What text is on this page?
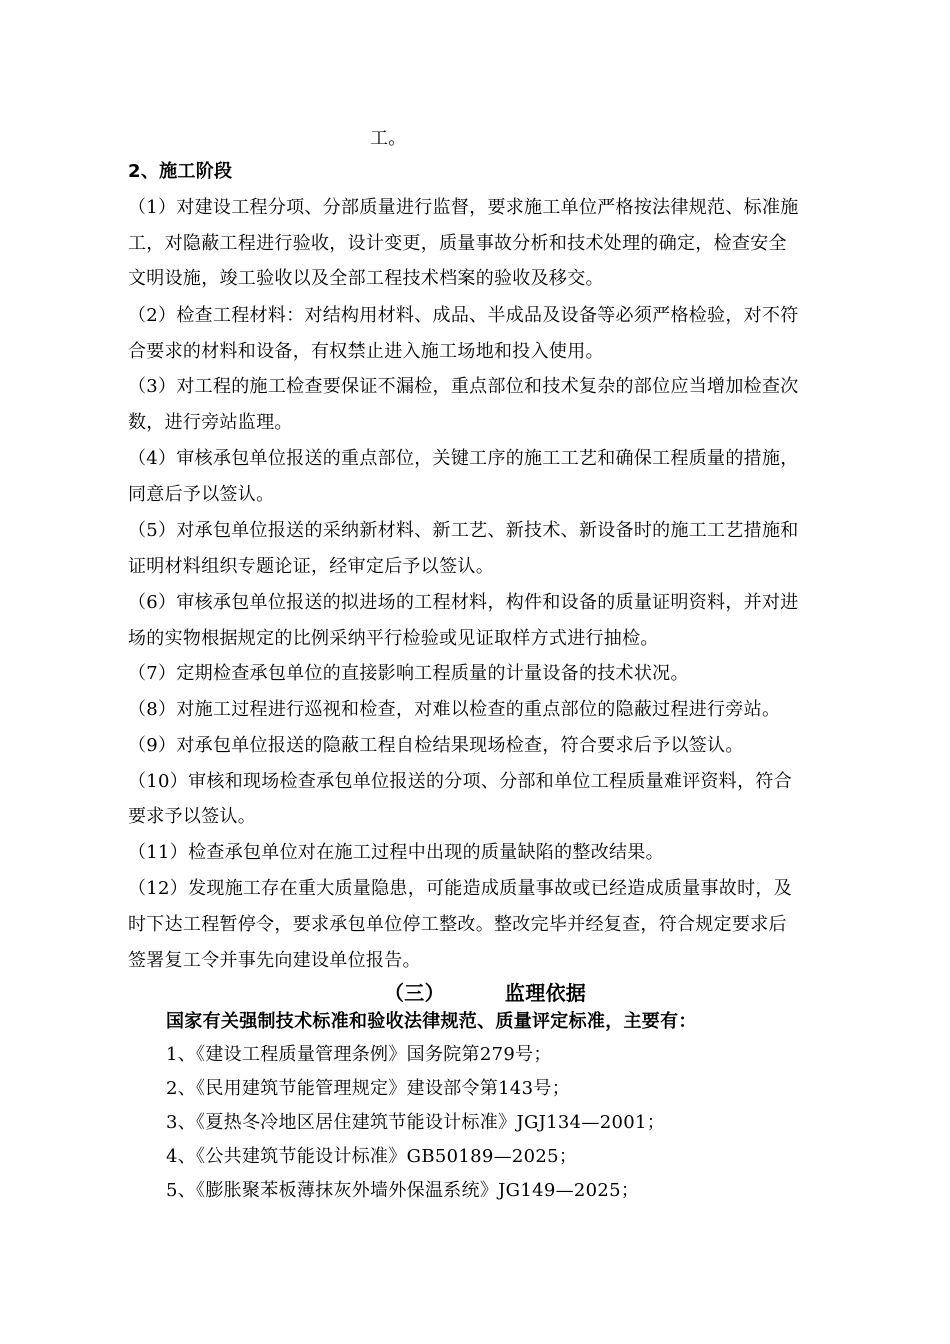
工。
2、施工阶段
（1）对建设工程分项、分部质量进行监督，要求施工单位严格按法律规范、标准施
工，对隐蔽工程进行验收，设计变更，质量事故分析和技术处理的确定，检查安全
文明设施，竣工验收以及全部工程技术档案的验收及移交。
（2）检查工程材料：对结构用材料、成品、半成品及设备等必须严格检验，对不符
合要求的材料和设备，有权禁止进入施工场地和投入使用。
（3）对工程的施工检查要保证不漏检，重点部位和技术复杂的部位应当增加检查次
数，进行旁站监理。
（4）审核承包单位报送的重点部位，关键工序的施工工艺和确保工程质量的措施，
同意后予以签认。
（5）对承包单位报送的采纳新材料、新工艺、新技术、新设备时的施工工艺措施和
证明材料组织专题论证，经审定后予以签认。
（6）审核承包单位报送的拟进场的工程材料，构件和设备的质量证明资料，并对进
场的实物根据规定的比例采纳平行检验或见证取样方式进行抽检。
（7）定期检查承包单位的直接影响工程质量的计量设备的技术状况。
（8）对施工过程进行巡视和检查，对难以检查的重点部位的隐蔽过程进行旁站。
（9）对承包单位报送的隐蔽工程自检结果现场检查，符合要求后予以签认。
（10）审核和现场检查承包单位报送的分项、分部和单位工程质量难评资料，符合
要求予以签认。
（11）检查承包单位对在施工过程中出现的质量缺陷的整改结果。
（12）发现施工存在重大质量隐患，可能造成质量事故或已经造成质量事故时，及
时下达工程暂停令，要求承包单位停工整改。整改完毕并经复查，符合规定要求后
签署复工令并事先向建设单位报告。
（三）	监理依据
国家有关强制技术标准和验收法律规范、质量评定标准，主要有：
1、《建设工程质量管理条例》国务院第279号；
2、《民用建筑节能管理规定》建设部令第143号；
3、《夏热冬冷地区居住建筑节能设计标准》JGJ134—2001；
4、《公共建筑节能设计标准》GB50189—2025；
5、《膨胀聚苯板薄抹灰外墙外保温系统》JG149—2025；
